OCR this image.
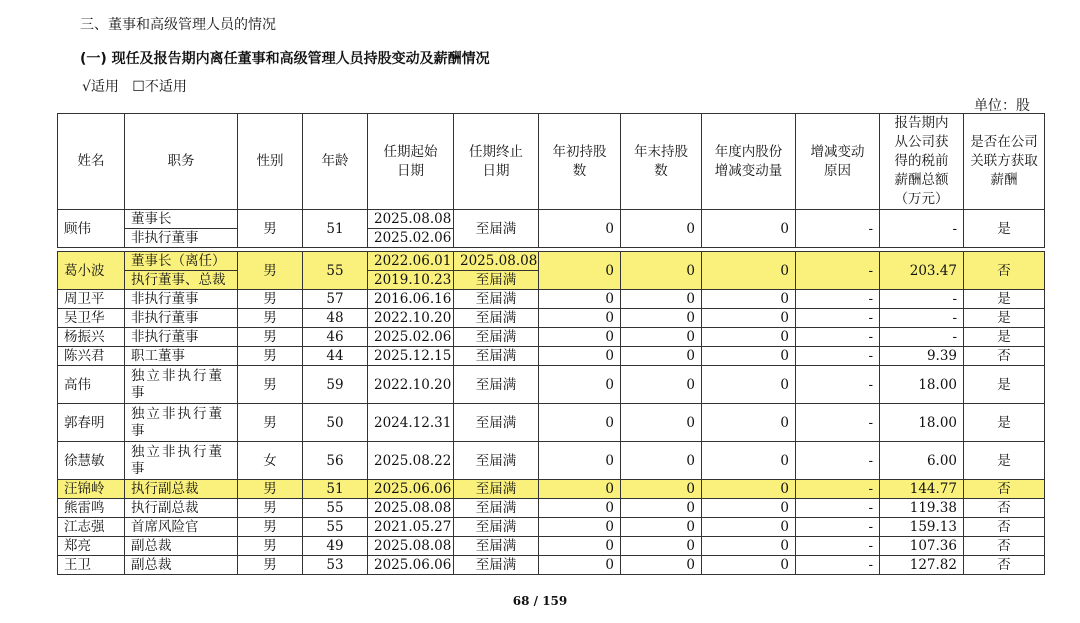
三、董事和高级管理人员的情况
(一) 现任及报告期内离任董事和高级管理人员持股变动及薪酬情况
√适用 ☐不适用
单位：股
姓名	职务	性别	年龄	任期起始日期	任期终止日期	年初持股数	年末持股数	年度内股份增减变动量	增减变动原因	报告期内从公司获得的税前薪酬总额（万元）	是否在公司关联方获取薪酬
顾伟	董事长	男	51	2025.08.08	至届满	0	0	0	-	-	是
	非执行董事			2025.02.06							

葛小波	董事长（离任）	男	55	2022.06.01	2025.08.08	0	0	0	-	203.47	否
	执行董事、总裁			2019.10.23	至届满						
周卫平	非执行董事	男	57	2016.06.16	至届满	0	0	0	-	-	是
吴卫华	非执行董事	男	48	2022.10.20	至届满	0	0	0	-	-	是
杨振兴	非执行董事	男	46	2025.02.06	至届满	0	0	0	-	-	是
陈兴君	职工董事	男	44	2025.12.15	至届满	0	0	0	-	9.39	否
高伟	独立非执行董事	男	59	2022.10.20	至届满	0	0	0	-	18.00	是
郭春明	独立非执行董事	男	50	2024.12.31	至届满	0	0	0	-	18.00	是
徐慧敏	独立非执行董事	女	56	2025.08.22	至届满	0	0	0	-	6.00	是
汪锦岭	执行副总裁	男	51	2025.06.06	至届满	0	0	0	-	144.77	否
熊雷鸣	执行副总裁	男	55	2025.08.08	至届满	0	0	0	-	119.38	否
江志强	首席风险官	男	55	2021.05.27	至届满	0	0	0	-	159.13	否
郑亮	副总裁	男	49	2025.08.08	至届满	0	0	0	-	107.36	否
王卫	副总裁	男	53	2025.06.06	至届满	0	0	0	-	127.82	否
68 / 159
